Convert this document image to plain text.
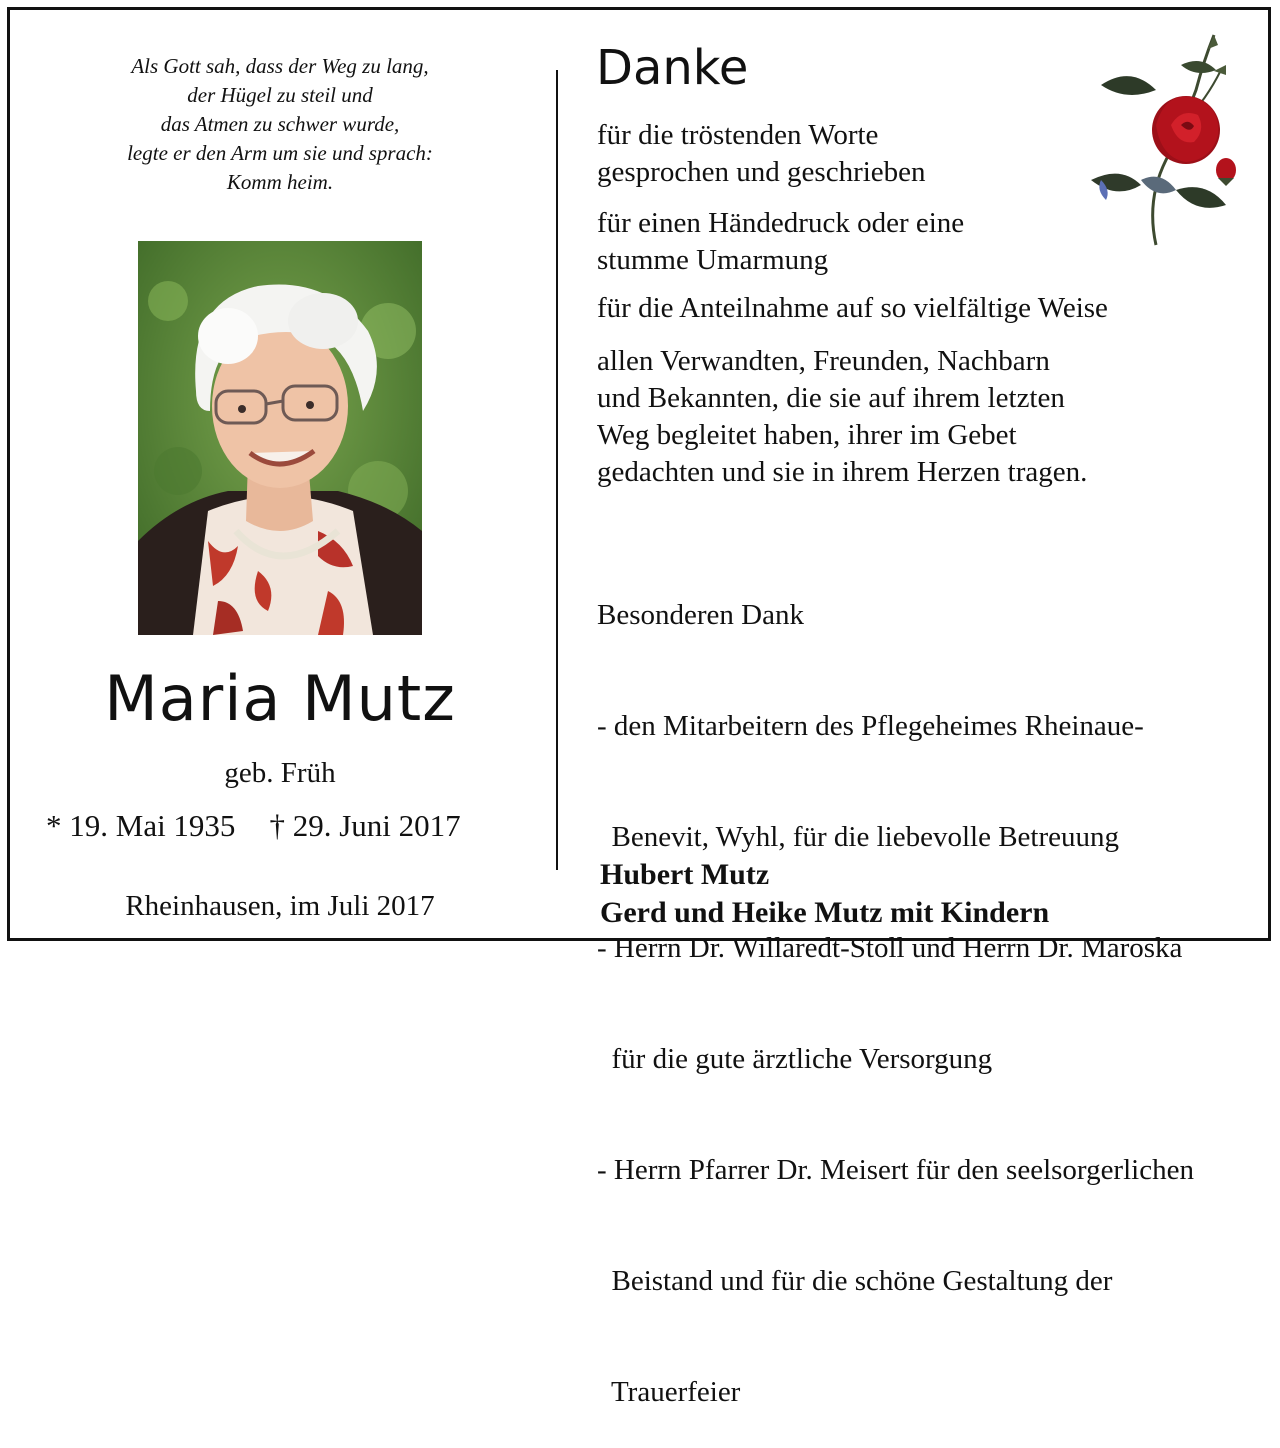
Als Gott sah, dass der Weg zu lang,
der Hügel zu steil und
das Atmen zu schwer wurde,
legte er den Arm um sie und sprach:
Komm heim.
Maria Mutz
geb. Früh
* 19. Mai 1935 † 29. Juni 2017
Rheinhausen, im Juli 2017
Danke
für die tröstenden Worte
gesprochen und geschrieben
für einen Händedruck oder eine
stumme Umarmung
für die Anteilnahme auf so vielfältige Weise
allen Verwandten, Freunden, Nachbarn
und Bekannten, die sie auf ihrem letzten
Weg begleitet haben, ihrer im Gebet
gedachten und sie in ihrem Herzen tragen.

Besonderen Dank

- den Mitarbeitern des Pflegeheimes Rheinaue-

Benevit, Wyhl, für die liebevolle Betreuung

- Herrn Dr. Willaredt-Stoll und Herrn Dr. Maroska

für die gute ärztliche Versorgung

- Herrn Pfarrer Dr. Meisert für den seelsorgerlichen

Beistand und für die schöne Gestaltung der

Trauerfeier

Hubert Mutz
Gerd und Heike Mutz mit Kindern
